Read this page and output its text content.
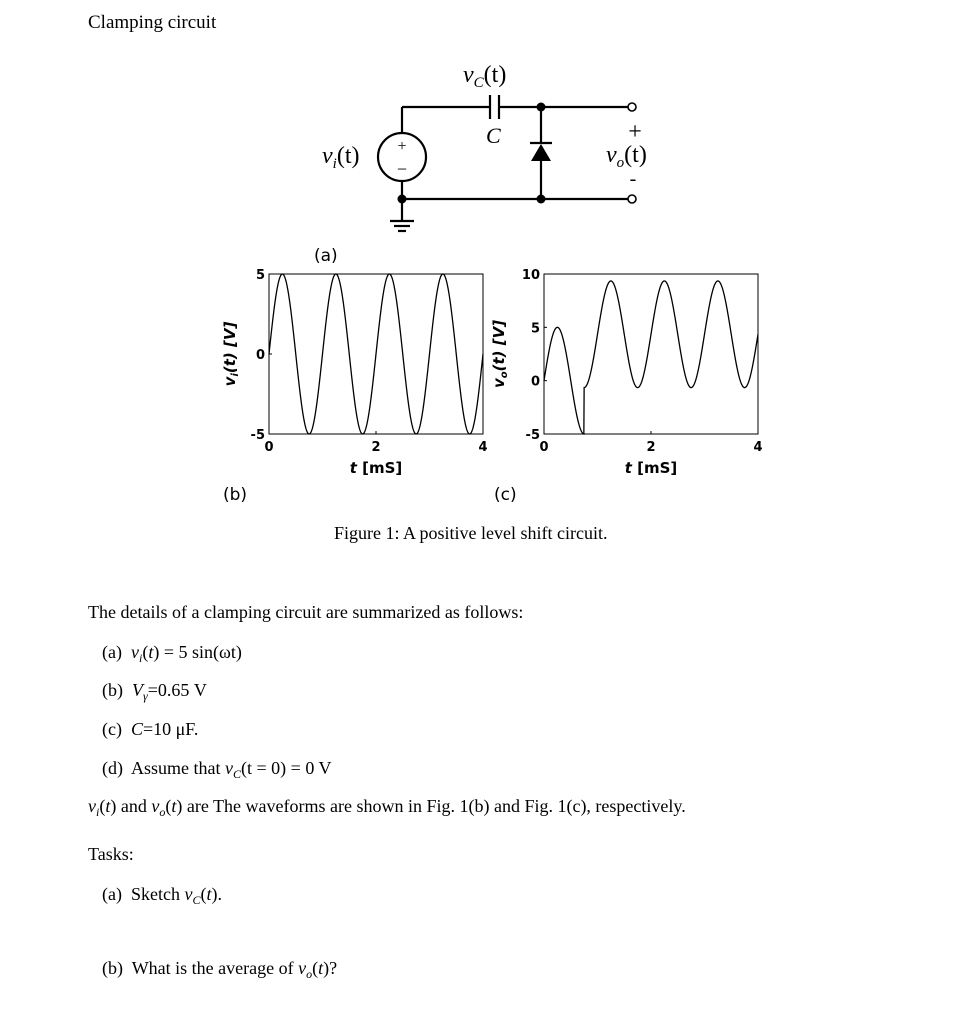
Clamping circuit
+
−
$v_C(t)$
C
$v_i(t)$
+
$v_o(t)$
-
(a)
5
0
-5
0	2	4
$v_i(t)$ [V]
t [mS]
(b)
10
5
0
-5
0	2	4
$v_o(t)$ [V]
t [mS]
(c)
Figure 1: A positive level shift circuit.
The details of a clamping circuit are summarized as follows:
(a) $v_i(t) = 5$ sin(ωt)
(b) $V_\gamma=0.65$ V
(c) C=10 μF.
(d) Assume that $v_C(t = 0) = 0$ V
$v_i(t)$ and $v_o(t)$ are The waveforms are shown in Fig. 1(b) and Fig. 1(c), respectively.
Tasks:
(a) Sketch $v_C(t)$.
(b) What is the average of $v_o(t)$?
